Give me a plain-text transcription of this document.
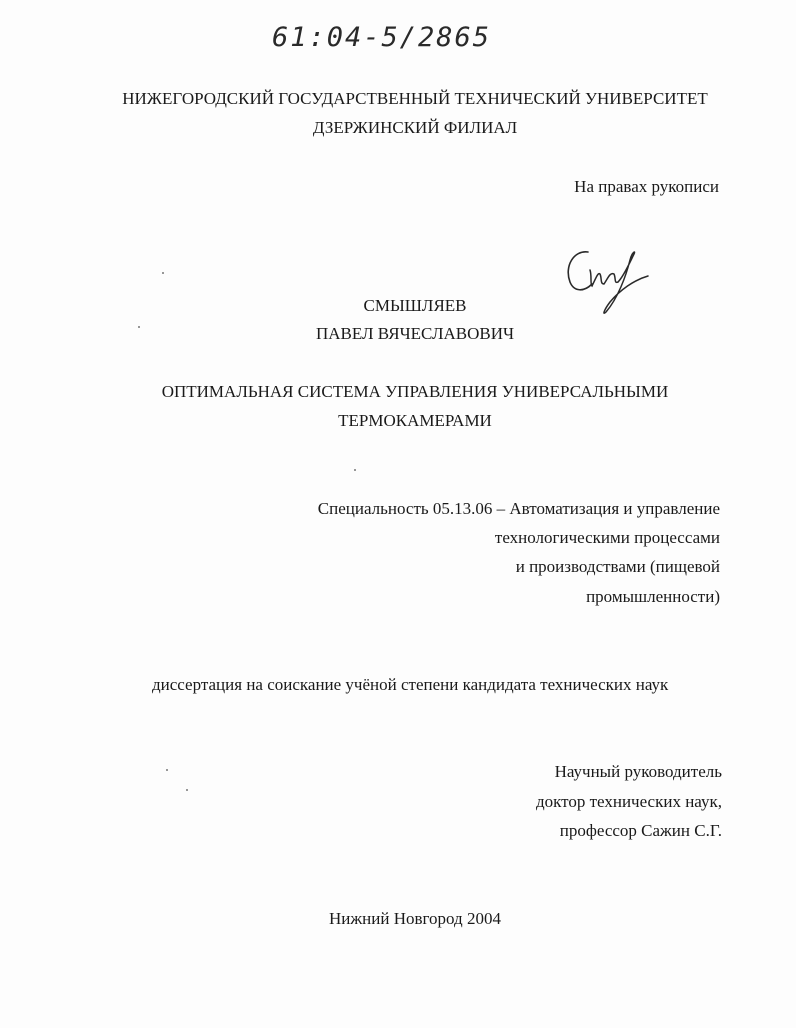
61:04-5/2865
НИЖЕГОРОДСКИЙ ГОСУДАРСТВЕННЫЙ ТЕХНИЧЕСКИЙ УНИВЕРСИТЕТ
ДЗЕРЖИНСКИЙ ФИЛИАЛ
На правах рукописи
СМЫШЛЯЕВ
ПАВЕЛ ВЯЧЕСЛАВОВИЧ
ОПТИМАЛЬНАЯ СИСТЕМА УПРАВЛЕНИЯ УНИВЕРСАЛЬНЫМИ
ТЕРМОКАМЕРАМИ
Специальность 05.13.06 – Автоматизация и управление
технологическими процессами
и производствами (пищевой
промышленности)
диссертация на соискание учёной степени кандидата технических наук
Научный руководитель
доктор технических наук,
профессор Сажин С.Г.
Нижний Новгород 2004
